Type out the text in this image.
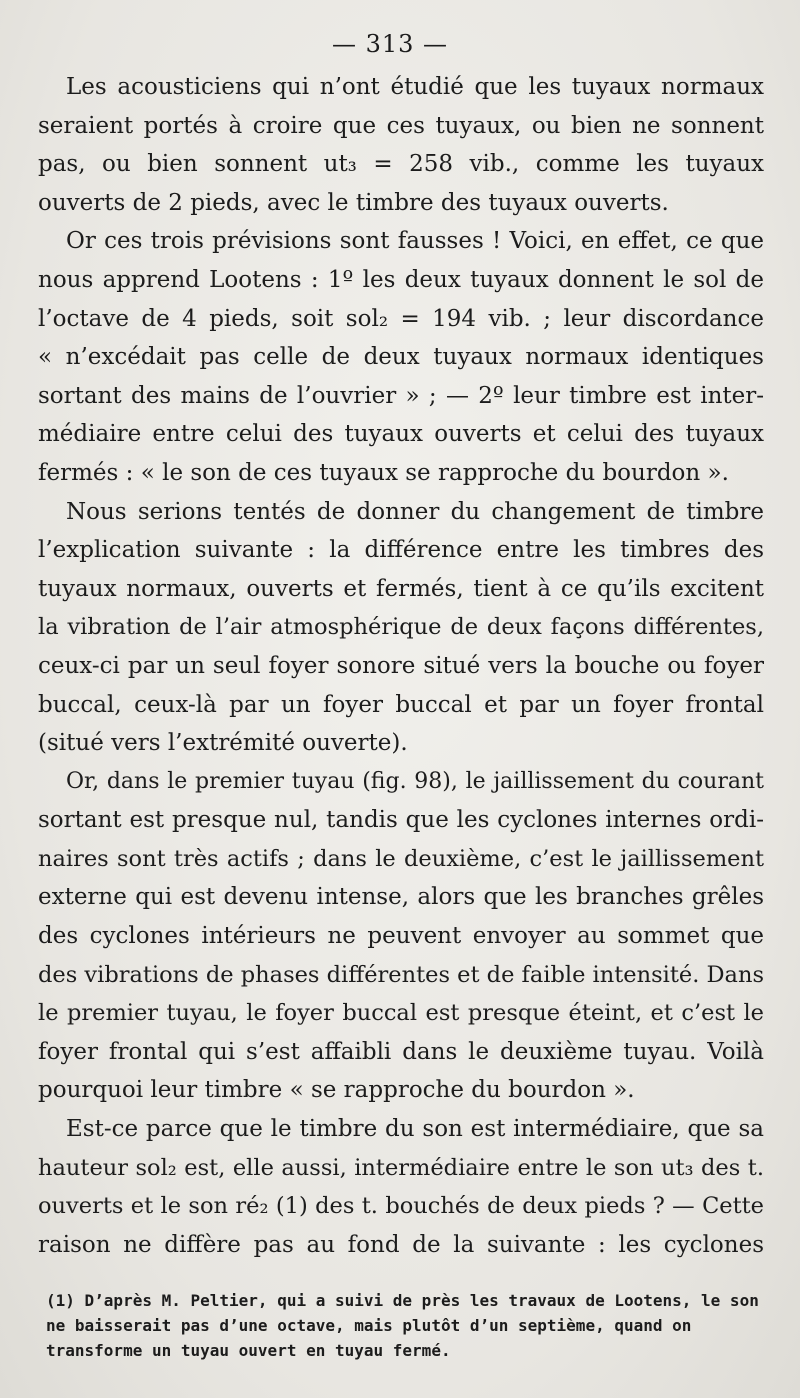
— 313 —
Les acousticiens qui n’ont étudié que les tuyaux normaux
seraient portés à croire que ces tuyaux, ou bien ne sonnent
pas, ou bien sonnent ut₃ = 258 vib., comme les tuyaux
ouverts de 2 pieds, avec le timbre des tuyaux ouverts.
Or ces trois prévisions sont fausses ! Voici, en effet, ce que
nous apprend Lootens : 1º les deux tuyaux donnent le sol de
l’octave de 4 pieds, soit sol₂ = 194 vib. ; leur discordance
« n’excédait pas celle de deux tuyaux normaux identiques
sortant des mains de l’ouvrier » ; — 2º leur timbre est inter-
médiaire entre celui des tuyaux ouverts et celui des tuyaux
fermés : « le son de ces tuyaux se rapproche du bourdon ».
Nous serions tentés de donner du changement de timbre
l’explication suivante : la différence entre les timbres des
tuyaux normaux, ouverts et fermés, tient à ce qu’ils excitent
la vibration de l’air atmosphérique de deux façons différentes,
ceux-ci par un seul foyer sonore situé vers la bouche ou foyer
buccal, ceux-là par un foyer buccal et par un foyer frontal
(situé vers l’extrémité ouverte).
Or, dans le premier tuyau (fig. 98), le jaillissement du courant
sortant est presque nul, tandis que les cyclones internes ordi-
naires sont très actifs ; dans le deuxième, c’est le jaillissement
externe qui est devenu intense, alors que les branches grêles
des cyclones intérieurs ne peuvent envoyer au sommet que
des vibrations de phases différentes et de faible intensité. Dans
le premier tuyau, le foyer buccal est presque éteint, et c’est le
foyer frontal qui s’est affaibli dans le deuxième tuyau. Voilà
pourquoi leur timbre « se rapproche du bourdon ».
Est-ce parce que le timbre du son est intermédiaire, que sa
hauteur sol₂ est, elle aussi, intermédiaire entre le son ut₃ des t.
ouverts et le son ré₂ (1) des t. bouchés de deux pieds ? — Cette
raison ne diffère pas au fond de la suivante : les cyclones
(1) D’après M. Peltier, qui a suivi de près les travaux de Lootens, le son
ne baisserait pas d’une octave, mais plutôt d’un septième, quand on
transforme un tuyau ouvert en tuyau fermé.
